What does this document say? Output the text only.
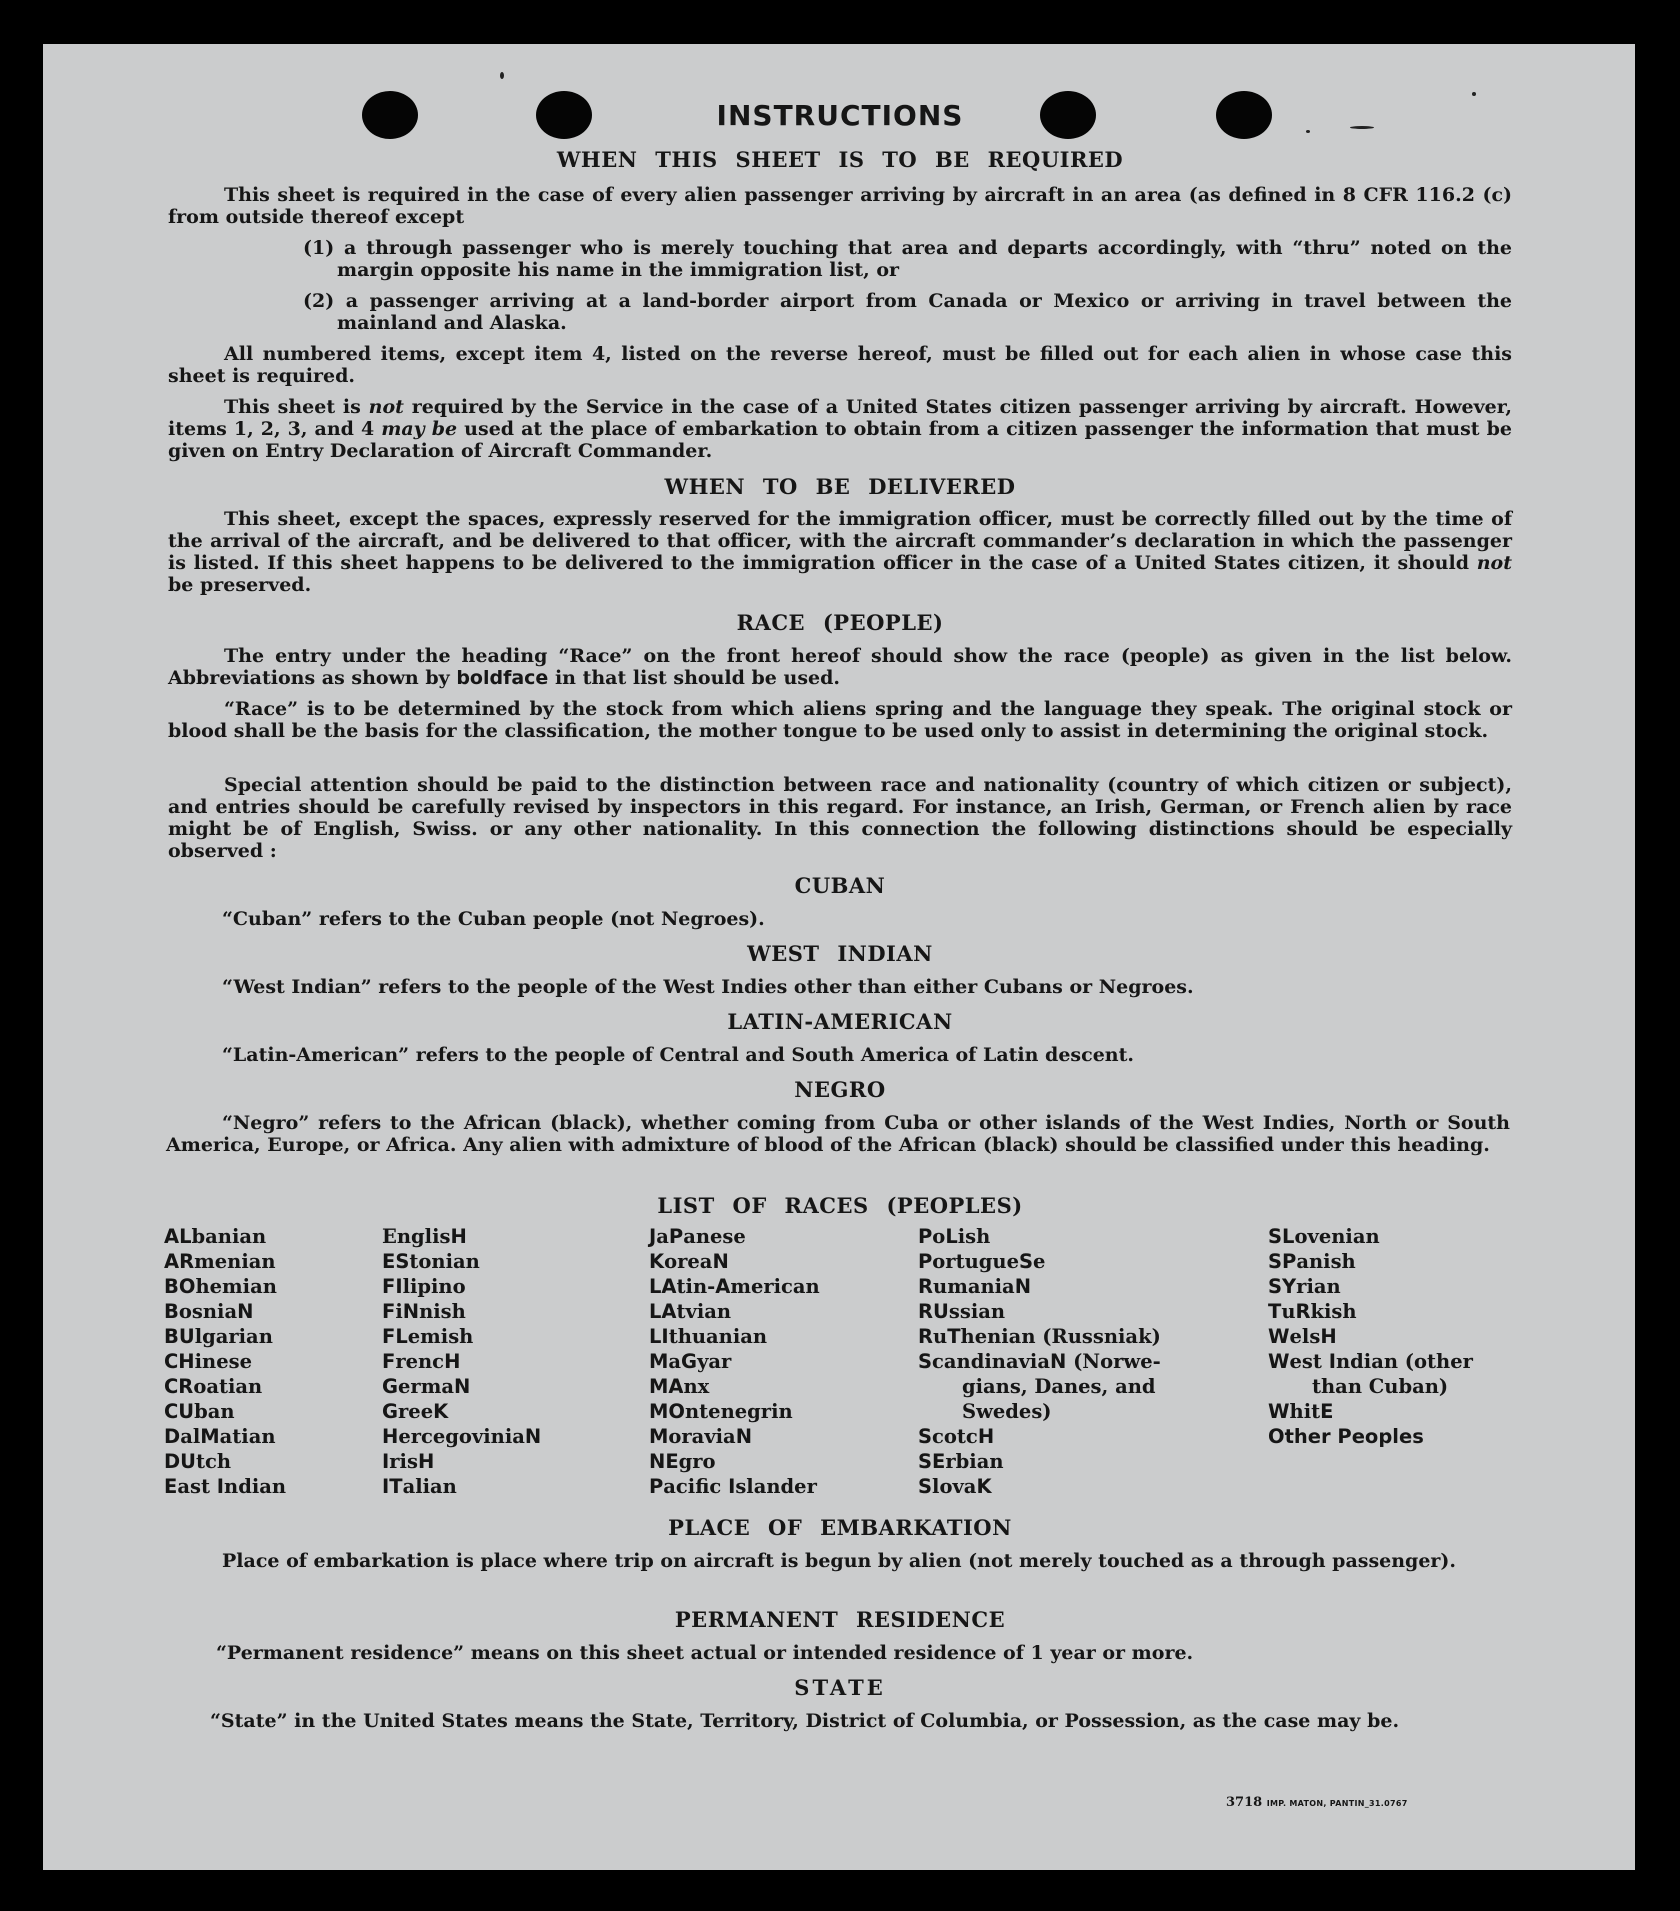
INSTRUCTIONS
WHEN THIS SHEET IS TO BE REQUIRED
This sheet is required in the case of every alien passenger arriving by aircraft in an area (as defined in 8 CFR 116.2 (c) from outside thereof except
(1) a through passenger who is merely touching that area and departs accordingly, with “thru” noted on the margin opposite his name in the immigration list, or
(2) a passenger arriving at a land-border airport from Canada or Mexico or arriving in travel between the mainland and Alaska.
All numbered items, except item 4, listed on the reverse hereof, must be filled out for each alien in whose case this sheet is required.
This sheet is not required by the Service in the case of a United States citizen passenger arriving by aircraft. However, items 1, 2, 3, and 4 may be used at the place of embarkation to obtain from a citizen passenger the information that must be given on Entry Declaration of Aircraft Commander.
WHEN TO BE DELIVERED
This sheet, except the spaces, expressly reserved for the immigration officer, must be correctly filled out by the time of the arrival of the aircraft, and be delivered to that officer, with the aircraft commander’s declaration in which the passenger is listed. If this sheet happens to be delivered to the immigration officer in the case of a United States citizen, it should not be preserved.
RACE (PEOPLE)
The entry under the heading “Race” on the front hereof should show the race (people) as given in the list below. Abbreviations as shown by boldface in that list should be used.
“Race” is to be determined by the stock from which aliens spring and the language they speak. The original stock or blood shall be the basis for the classification, the mother tongue to be used only to assist in determining the original stock.
Special attention should be paid to the distinction between race and nationality (country of which citizen or subject), and entries should be carefully revised by inspectors in this regard. For instance, an Irish, German, or French alien by race might be of English, Swiss. or any other nationality. In this connection the following distinctions should be especially observed :
CUBAN
“Cuban” refers to the Cuban people (not Negroes).
WEST INDIAN
“West Indian” refers to the people of the West Indies other than either Cubans or Negroes.
LATIN-AMERICAN
“Latin-American” refers to the people of Central and South America of Latin descent.
NEGRO
“Negro” refers to the African (black), whether coming from Cuba or other islands of the West Indies, North or South America, Europe, or Africa. Any alien with admixture of blood of the African (black) should be classified under this heading.
LIST OF RACES (PEOPLES)
ALbanian
ARmenian
BOhemian
BosniaN
BUlgarian
CHinese
CRoatian
CUban
DalMatian
DUtch
East Indian
EnglisH
EStonian
FIlipino
FiNnish
FLemish
FrencH
GermaN
GreeK
HercegoviniaN
IrisH
ITalian
JaPanese
KoreaN
LAtin-American
LAtvian
LIthuanian
MaGyar
MAnx
MOntenegrin
MoraviaN
NEgro
Pacific Islander
PoLish
PortugueSe
RumaniaN
RUssian
RuThenian (Russniak)
ScandinaviaN (Norwe-
gians, Danes, and
Swedes)
ScotcH
SErbian
SlovaK
SLovenian
SPanish
SYrian
TuRkish
WelsH
West Indian (other
than Cuban)
WhitE
Other Peoples
PLACE OF EMBARKATION
Place of embarkation is place where trip on aircraft is begun by alien (not merely touched as a through passenger).
PERMANENT RESIDENCE
“Permanent residence” means on this sheet actual or intended residence of 1 year or more.
STATE
“State” in the United States means the State, Territory, District of Columbia, or Possession, as the case may be.
3718 IMP. MATON, PANTIN_31.0767
